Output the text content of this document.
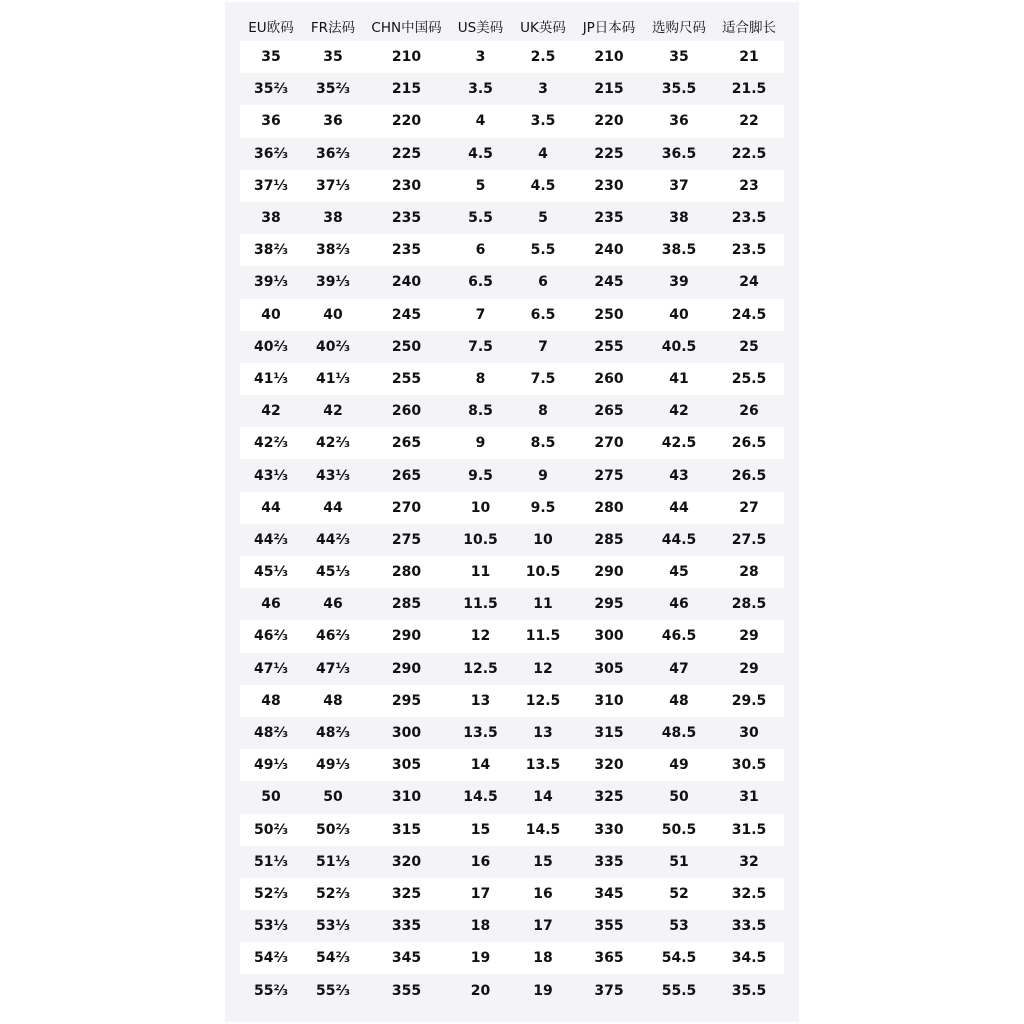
EU欧码	FR法码	CHN中国码	US美码	UK英码	JP日本码	选购尺码	适合脚长
35	35	210	3	2.5	210	35	21
35⅔	35⅔	215	3.5	3	215	35.5	21.5
36	36	220	4	3.5	220	36	22
36⅔	36⅔	225	4.5	4	225	36.5	22.5
37⅓	37⅓	230	5	4.5	230	37	23
38	38	235	5.5	5	235	38	23.5
38⅔	38⅔	235	6	5.5	240	38.5	23.5
39⅓	39⅓	240	6.5	6	245	39	24
40	40	245	7	6.5	250	40	24.5
40⅔	40⅔	250	7.5	7	255	40.5	25
41⅓	41⅓	255	8	7.5	260	41	25.5
42	42	260	8.5	8	265	42	26
42⅔	42⅔	265	9	8.5	270	42.5	26.5
43⅓	43⅓	265	9.5	9	275	43	26.5
44	44	270	10	9.5	280	44	27
44⅔	44⅔	275	10.5	10	285	44.5	27.5
45⅓	45⅓	280	11	10.5	290	45	28
46	46	285	11.5	11	295	46	28.5
46⅔	46⅔	290	12	11.5	300	46.5	29
47⅓	47⅓	290	12.5	12	305	47	29
48	48	295	13	12.5	310	48	29.5
48⅔	48⅔	300	13.5	13	315	48.5	30
49⅓	49⅓	305	14	13.5	320	49	30.5
50	50	310	14.5	14	325	50	31
50⅔	50⅔	315	15	14.5	330	50.5	31.5
51⅓	51⅓	320	16	15	335	51	32
52⅔	52⅔	325	17	16	345	52	32.5
53⅓	53⅓	335	18	17	355	53	33.5
54⅔	54⅔	345	19	18	365	54.5	34.5
55⅔	55⅔	355	20	19	375	55.5	35.5
